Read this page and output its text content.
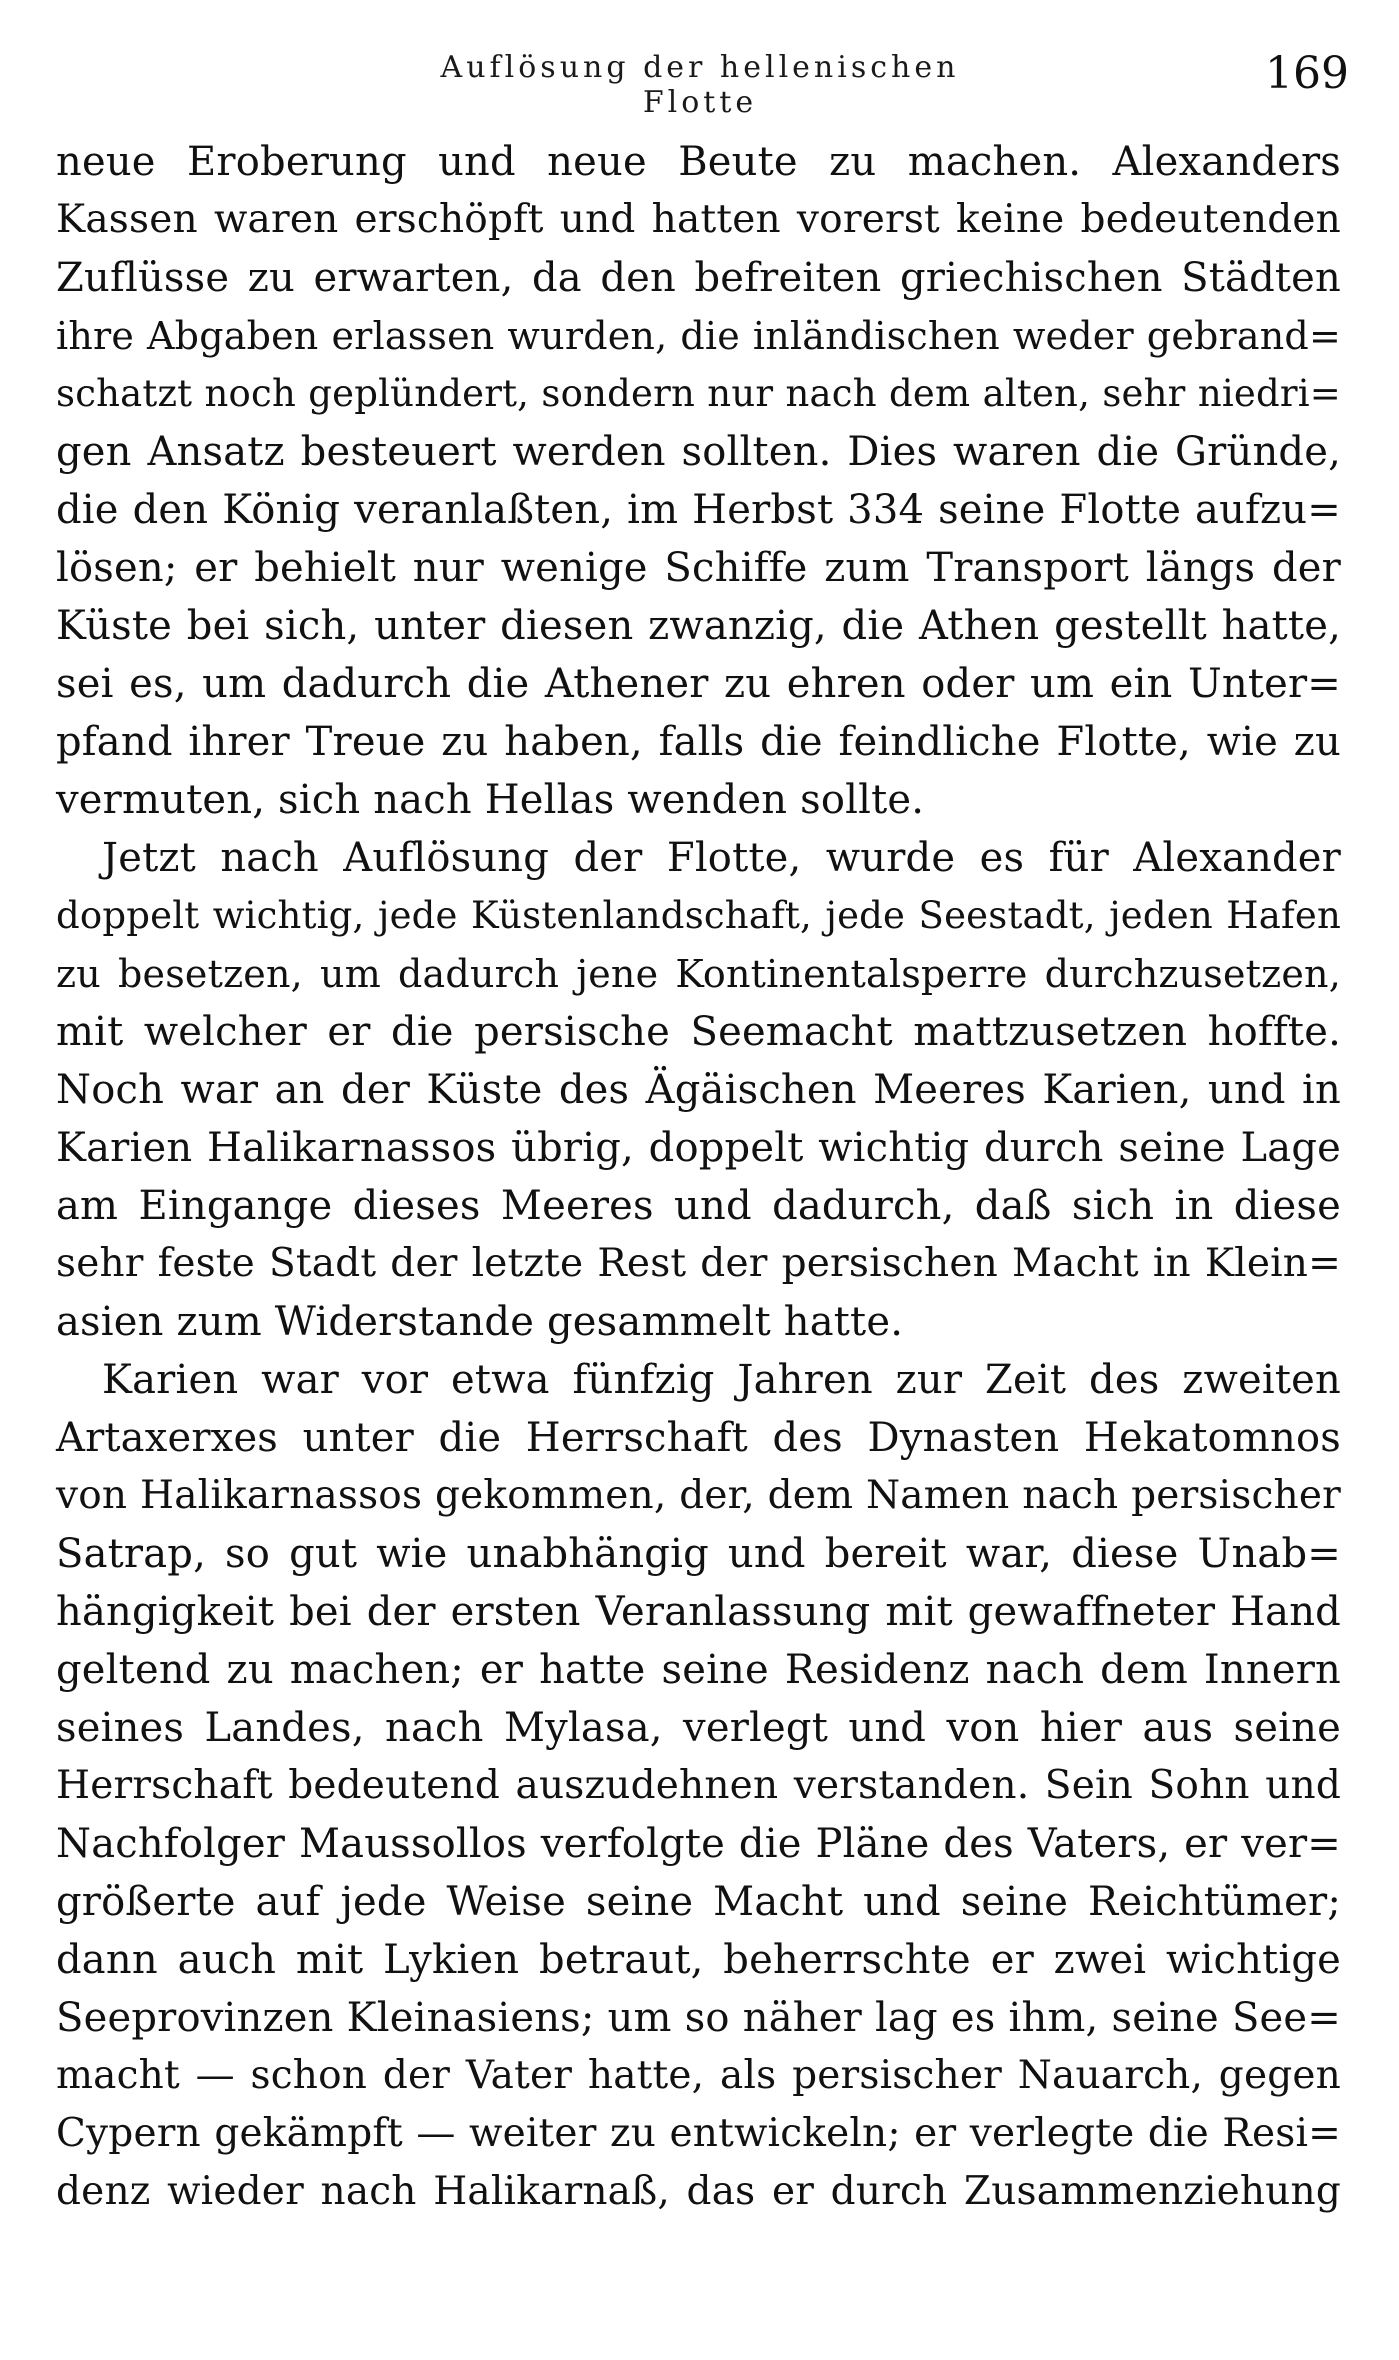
Auflösung der hellenischen Flotte
169
neue Eroberung und neue Beute zu machen. Alexanders
Kassen waren erschöpft und hatten vorerst keine bedeutenden
Zuflüsse zu erwarten, da den befreiten griechischen Städten
ihre Abgaben erlassen wurden, die inländischen weder gebrand=
schatzt noch geplündert, sondern nur nach dem alten, sehr niedri=
gen Ansatz besteuert werden sollten. Dies waren die Gründe,
die den König veranlaßten, im Herbst 334 seine Flotte aufzu=
lösen; er behielt nur wenige Schiffe zum Transport längs der
Küste bei sich, unter diesen zwanzig, die Athen gestellt hatte,
sei es, um dadurch die Athener zu ehren oder um ein Unter=
pfand ihrer Treue zu haben, falls die feindliche Flotte, wie zu
vermuten, sich nach Hellas wenden sollte.
Jetzt nach Auflösung der Flotte, wurde es für Alexander
doppelt wichtig, jede Küstenlandschaft, jede Seestadt, jeden Hafen
zu besetzen, um dadurch jene Kontinentalsperre durchzusetzen,
mit welcher er die persische Seemacht mattzusetzen hoffte.
Noch war an der Küste des Ägäischen Meeres Karien, und in
Karien Halikarnassos übrig, doppelt wichtig durch seine Lage
am Eingange dieses Meeres und dadurch, daß sich in diese
sehr feste Stadt der letzte Rest der persischen Macht in Klein=
asien zum Widerstande gesammelt hatte.
Karien war vor etwa fünfzig Jahren zur Zeit des zweiten
Artaxerxes unter die Herrschaft des Dynasten Hekatomnos
von Halikarnassos gekommen, der, dem Namen nach persischer
Satrap, so gut wie unabhängig und bereit war, diese Unab=
hängigkeit bei der ersten Veranlassung mit gewaffneter Hand
geltend zu machen; er hatte seine Residenz nach dem Innern
seines Landes, nach Mylasa, verlegt und von hier aus seine
Herrschaft bedeutend auszudehnen verstanden. Sein Sohn und
Nachfolger Maussollos verfolgte die Pläne des Vaters, er ver=
größerte auf jede Weise seine Macht und seine Reichtümer;
dann auch mit Lykien betraut, beherrschte er zwei wichtige
Seeprovinzen Kleinasiens; um so näher lag es ihm, seine See=
macht — schon der Vater hatte, als persischer Nauarch, gegen
Cypern gekämpft — weiter zu entwickeln; er verlegte die Resi=
denz wieder nach Halikarnaß, das er durch Zusammenziehung
